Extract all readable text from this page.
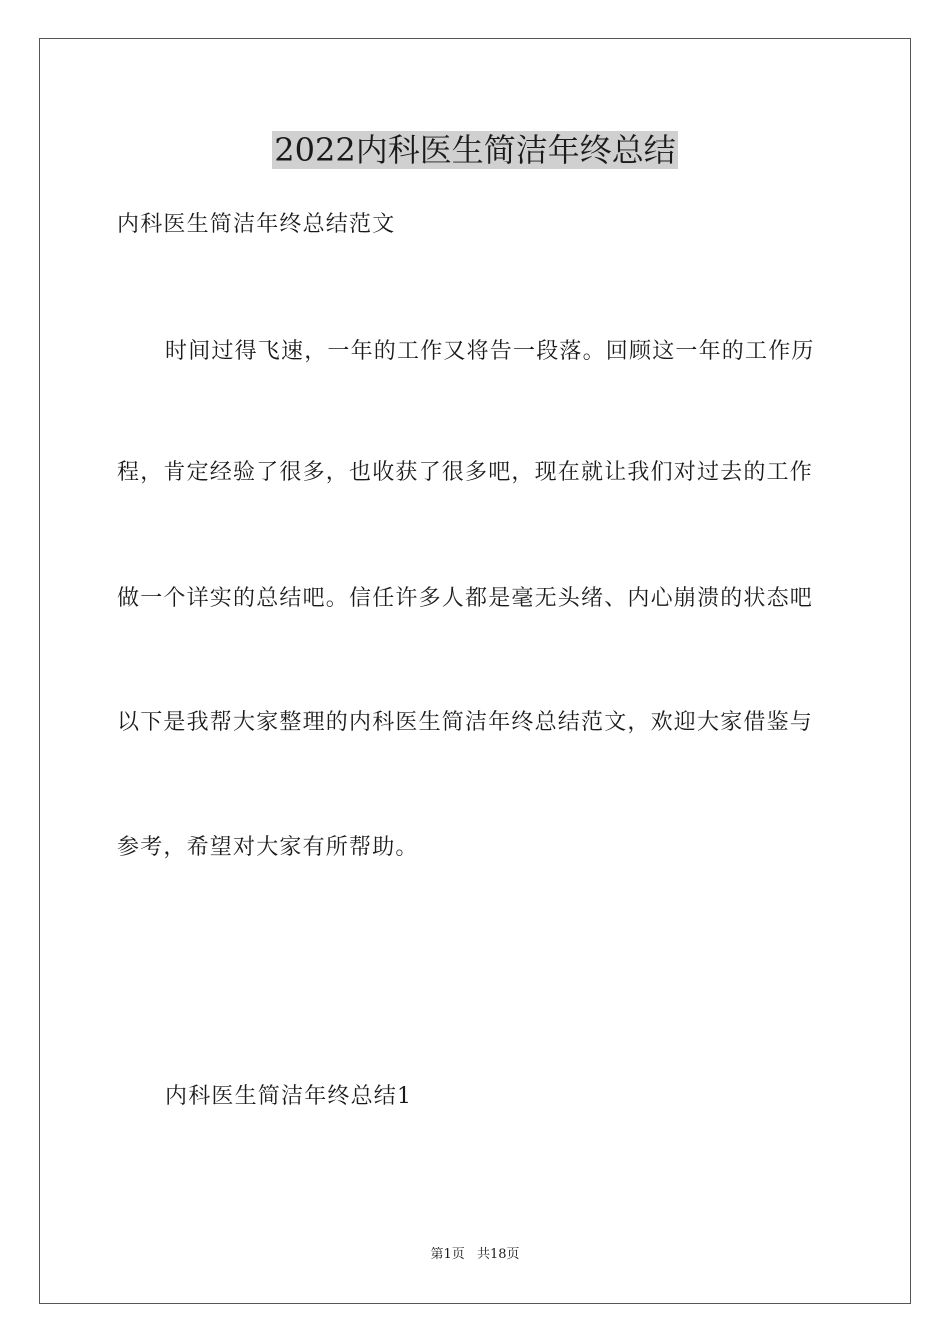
2022内科医生简洁年终总结
内科医生简洁年终总结范文
时间过得飞速，一年的工作又将告一段落。回顾这一年的工作历
程，肯定经验了很多，也收获了很多吧，现在就让我们对过去的工作
做一个详实的总结吧。信任许多人都是毫无头绪、内心崩溃的状态吧
以下是我帮大家整理的内科医生简洁年终总结范文，欢迎大家借鉴与
参考，希望对大家有所帮助。
内科医生简洁年终总结1
第1页 共18页
